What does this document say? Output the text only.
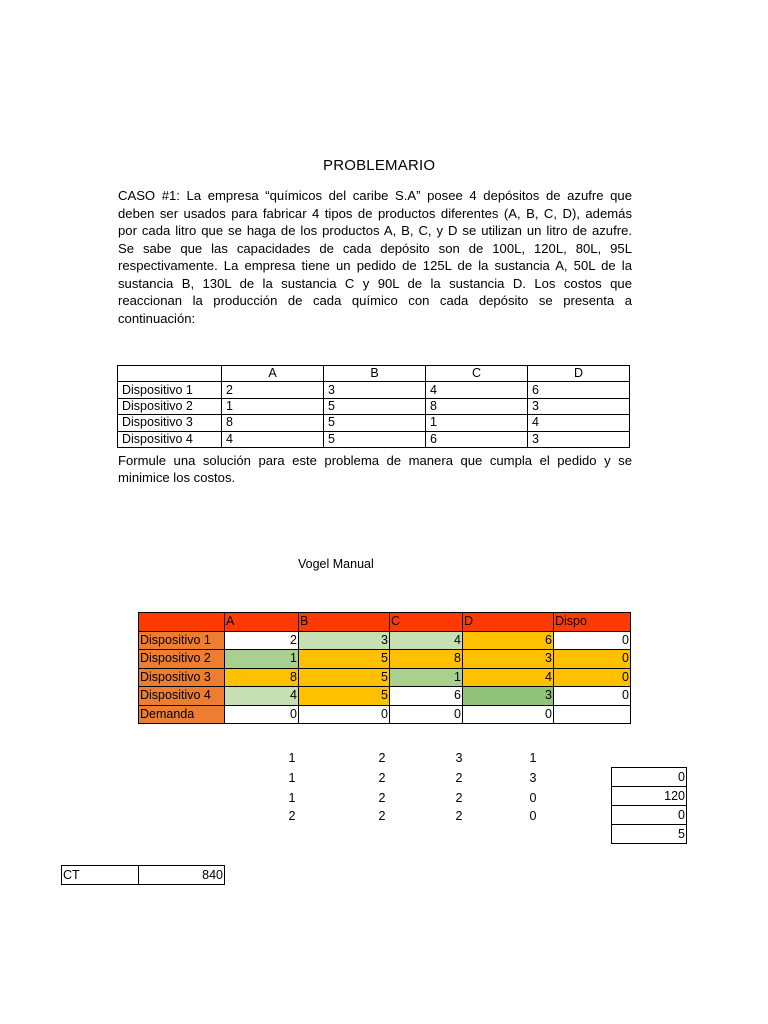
PROBLEMARIO
CASO #1: La empresa “químicos del caribe S.A” posee 4 depósitos de azufre que
deben ser usados para fabricar 4 tipos de productos diferentes (A, B, C, D), además
por cada litro que se haga de los productos A, B, C, y D se utilizan un litro de azufre.
Se sabe que las capacidades de cada depósito son de 100L, 120L, 80L, 95L
respectivamente. La empresa tiene un pedido de 125L de la sustancia A, 50L de la
sustancia B, 130L de la sustancia C y 90L de la sustancia D. Los costos que
reaccionan la producción de cada químico con cada depósito se presenta a
continuación:
	A	B	C	D
Dispositivo 1	2	3	4	6
Dispositivo 2	1	5	8	3
Dispositivo 3	8	5	1	4
Dispositivo 4	4	5	6	3
Formule una solución para este problema de manera que cumpla el pedido y se
minimice los costos.
Vogel Manual
	A	B	C	D	Dispo
Dispositivo 1	2	3	4	6	0
Dispositivo 2	1	5	8	3	0
Dispositivo 3	8	5	1	4	0
Dispositivo 4	4	5	6	3	0
Demanda	0	0	0	0	
1	2	3	1
1	2	2	3
1	2	2	0
2	2	2	0
0
120
0
5
CT	840
